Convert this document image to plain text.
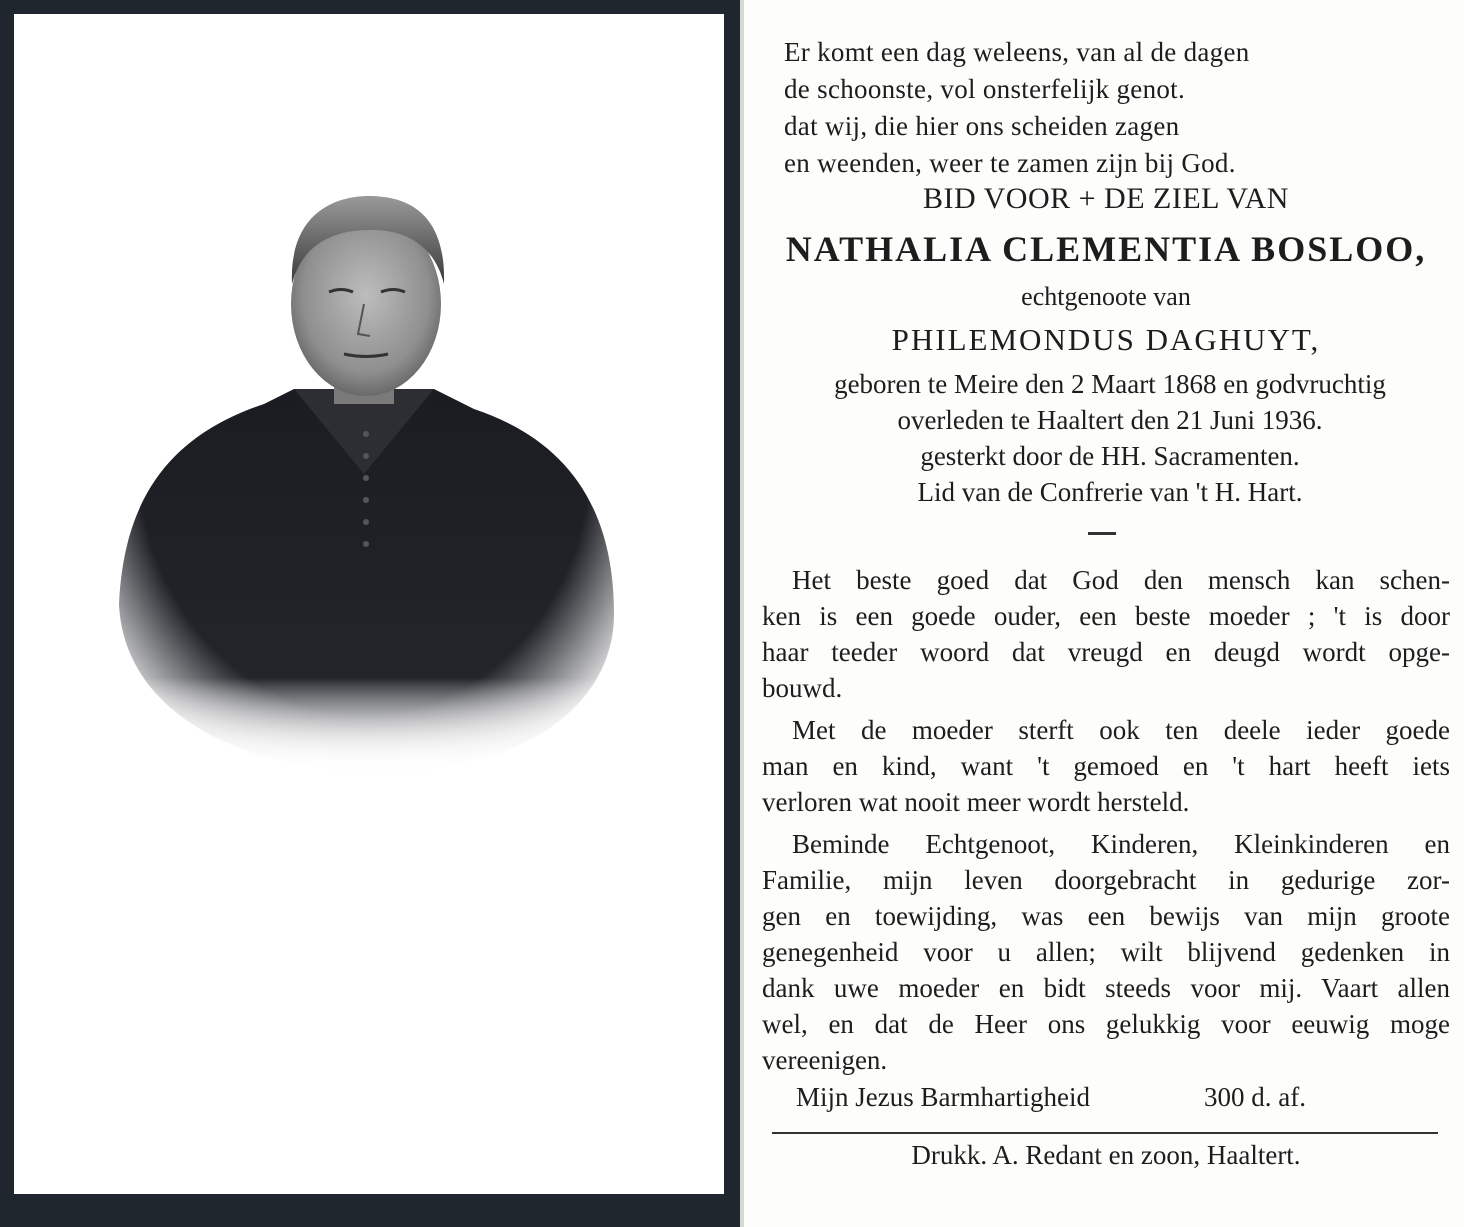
Er komt een dag weleens, van al de dagen
de schoonste, vol onsterfelijk genot.
dat wij, die hier ons scheiden zagen
en weenden, weer te zamen zijn bij God.
BID VOOR + DE ZIEL VAN
NATHALIA CLEMENTIA BOSLOO,
echtgenoote van
PHILEMONDUS DAGHUYT,
geboren te Meire den 2 Maart 1868 en godvruchtig
overleden te Haaltert den 21 Juni 1936.
gesterkt door de HH. Sacramenten.
Lid van de Confrerie van 't H. Hart.
Het beste goed dat God den mensch kan schen-
ken is een goede ouder, een beste moeder ; 't is door
haar teeder woord dat vreugd en deugd wordt opge-
bouwd.
Met de moeder sterft ook ten deele ieder goede
man en kind, want 't gemoed en 't hart heeft iets
verloren wat nooit meer wordt hersteld.
Beminde Echtgenoot, Kinderen, Kleinkinderen en
Familie, mijn leven doorgebracht in gedurige zor-
gen en toewijding, was een bewijs van mijn groote
genegenheid voor u allen; wilt blijvend gedenken in
dank uwe moeder en bidt steeds voor mij. Vaart allen
wel, en dat de Heer ons gelukkig voor eeuwig moge
vereenigen.
Mijn Jezus Barmhartigheid	300 d. af.
Drukk. A. Redant en zoon, Haaltert.
